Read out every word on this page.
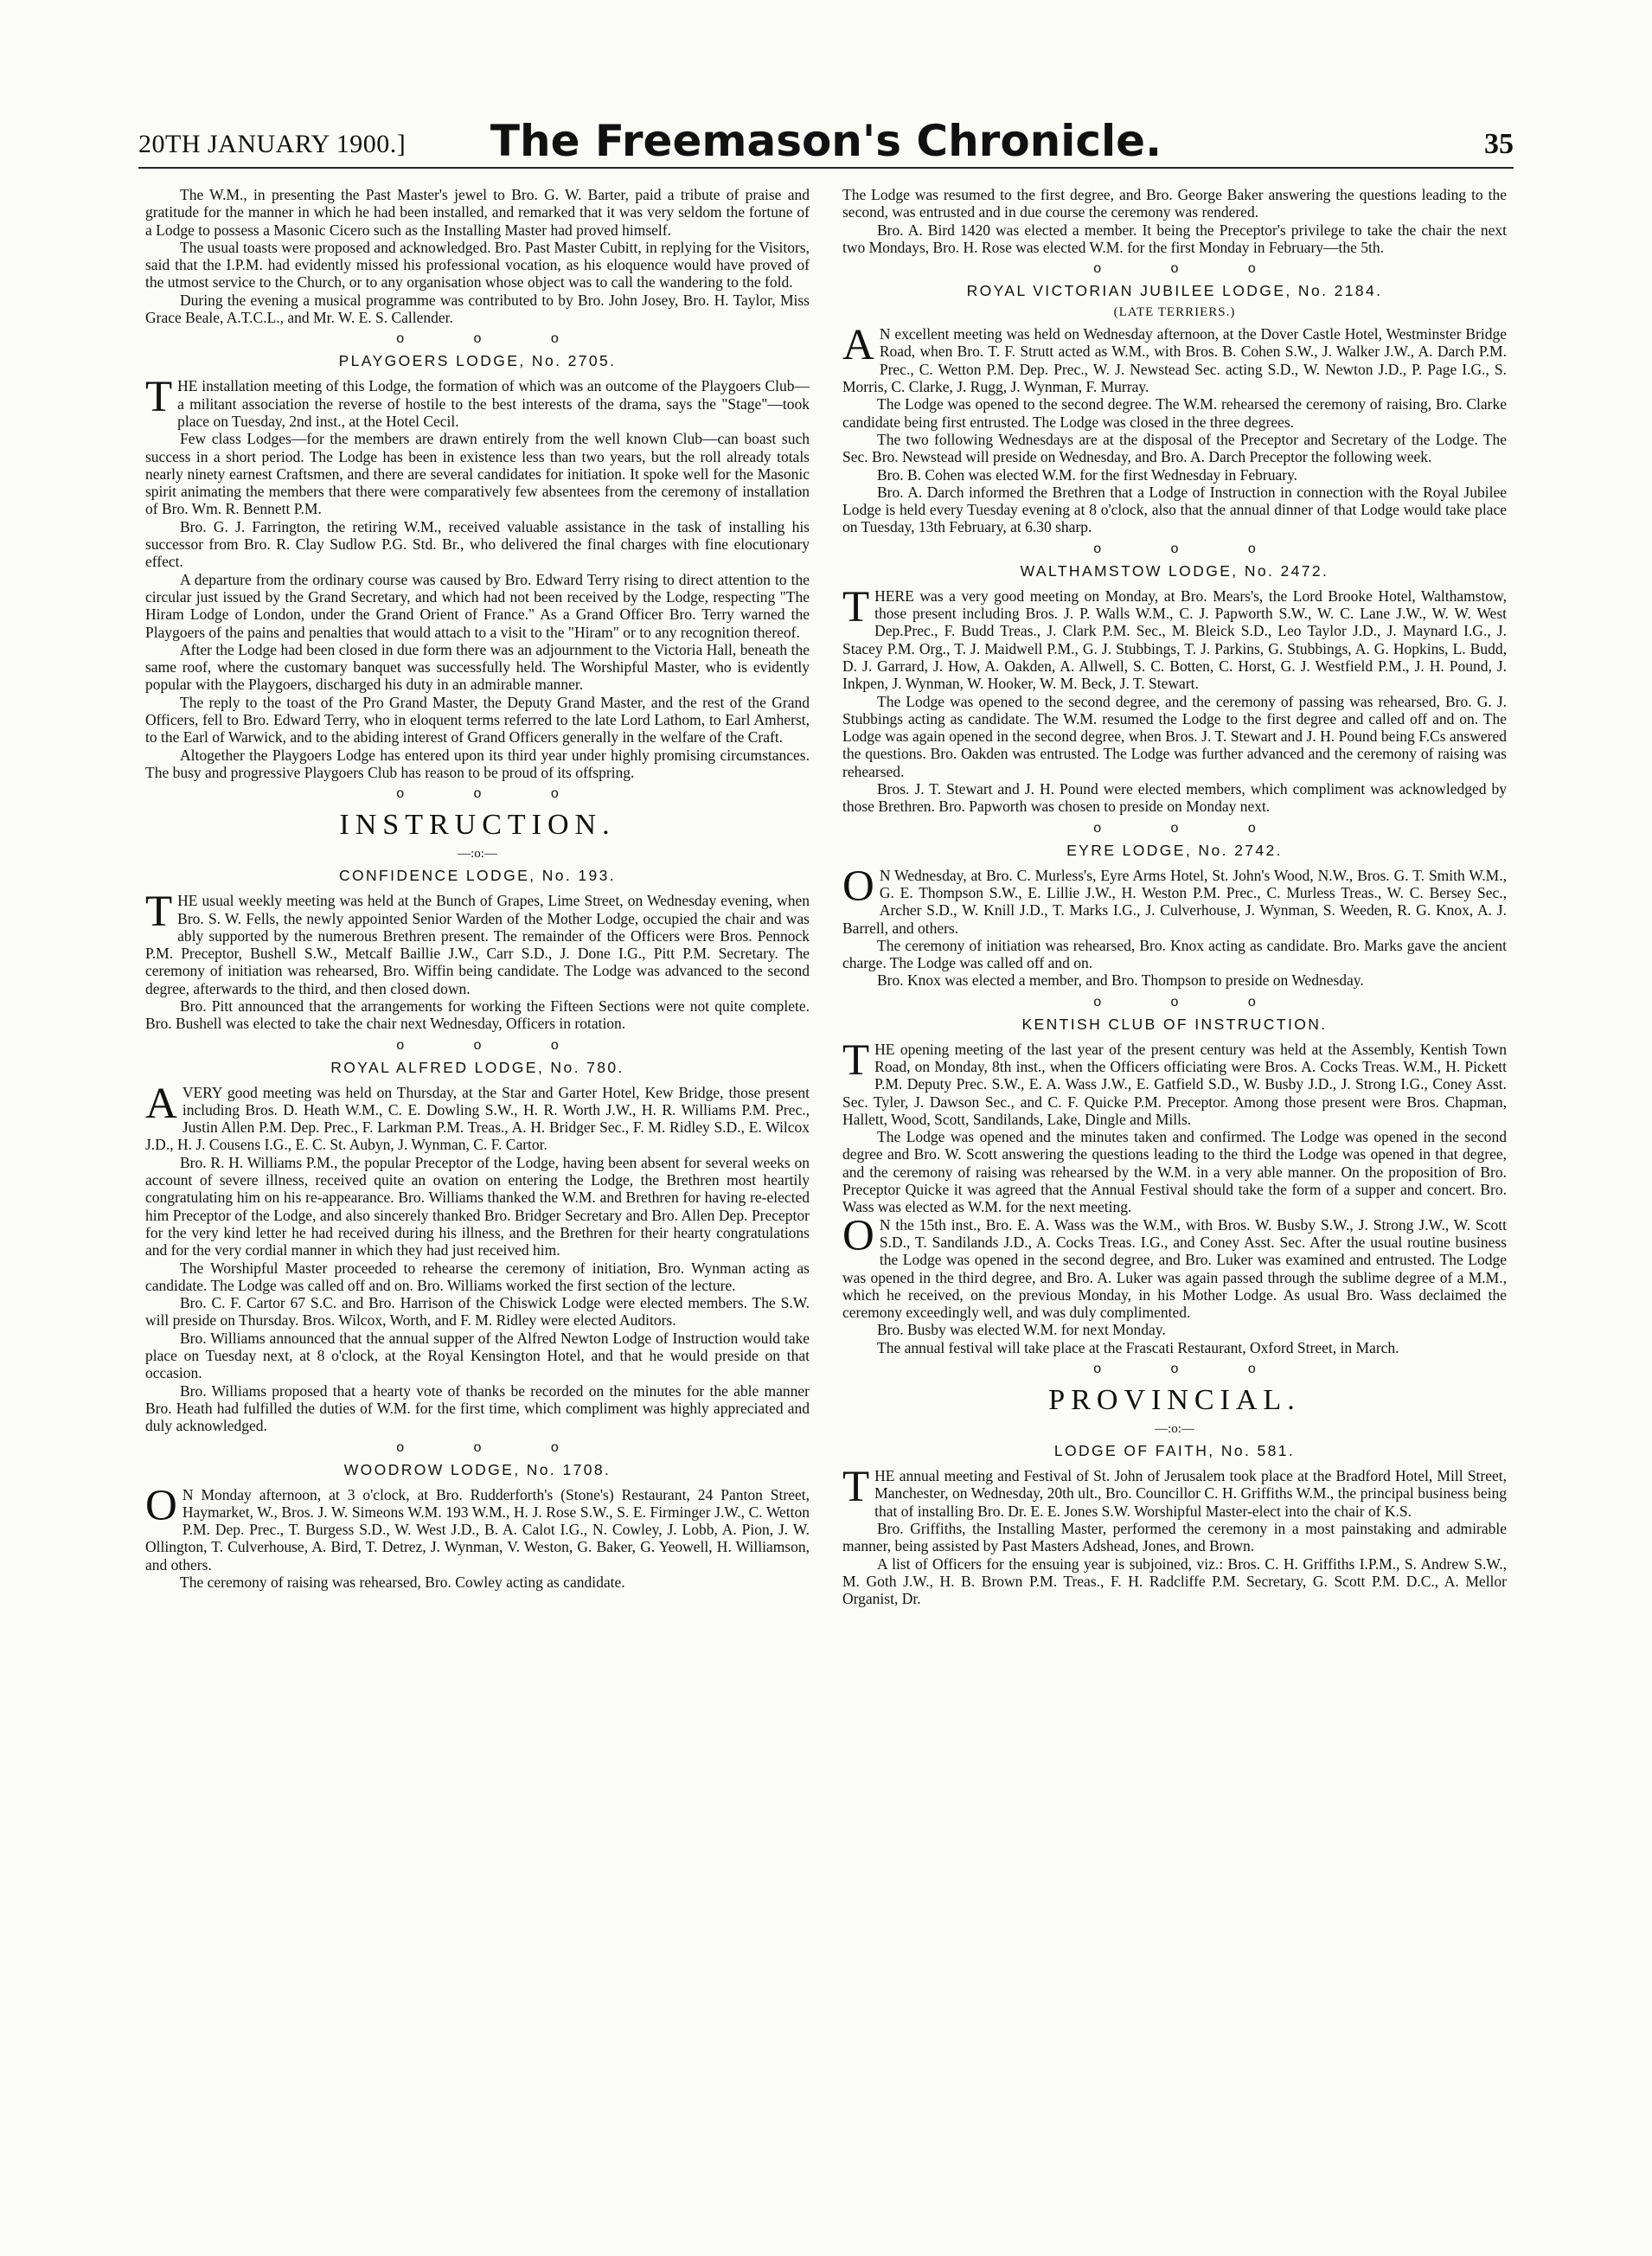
20TH JANUARY 1900.]	The Freemason's Chronicle.	35

The W.M., in presenting the Past Master's jewel to Bro. G. W. Barter, paid a tribute of praise and gratitude for the manner in which he had been installed, and remarked that it was very seldom the fortune of a Lodge to possess a Masonic Cicero such as the Installing Master had proved himself.

The usual toasts were proposed and acknowledged. Bro. Past Master Cubitt, in replying for the Visitors, said that the I.P.M. had evidently missed his professional vocation, as his eloquence would have proved of the utmost service to the Church, or to any organisation whose object was to call the wandering to the fold.

During the evening a musical programme was contributed to by Bro. John Josey, Bro. H. Taylor, Miss Grace Beale, A.T.C.L., and Mr. W. E. S. Callender.

o o o
PLAYGOERS LODGE, No. 2705.

THE installation meeting of this Lodge, the formation of which was an outcome of the Playgoers Club—a militant association the reverse of hostile to the best interests of the drama, says the "Stage"—took place on Tuesday, 2nd inst., at the Hotel Cecil.

Few class Lodges—for the members are drawn entirely from the well known Club—can boast such success in a short period. The Lodge has been in existence less than two years, but the roll already totals nearly ninety earnest Craftsmen, and there are several candidates for initiation. It spoke well for the Masonic spirit animating the members that there were comparatively few absentees from the ceremony of installation of Bro. Wm. R. Bennett P.M.

Bro. G. J. Farrington, the retiring W.M., received valuable assistance in the task of installing his successor from Bro. R. Clay Sudlow P.G. Std. Br., who delivered the final charges with fine elocutionary effect.

A departure from the ordinary course was caused by Bro. Edward Terry rising to direct attention to the circular just issued by the Grand Secretary, and which had not been received by the Lodge, respecting "The Hiram Lodge of London, under the Grand Orient of France." As a Grand Officer Bro. Terry warned the Playgoers of the pains and penalties that would attach to a visit to the "Hiram" or to any recognition thereof.

After the Lodge had been closed in due form there was an adjournment to the Victoria Hall, beneath the same roof, where the customary banquet was successfully held. The Worshipful Master, who is evidently popular with the Playgoers, discharged his duty in an admirable manner.

The reply to the toast of the Pro Grand Master, the Deputy Grand Master, and the rest of the Grand Officers, fell to Bro. Edward Terry, who in eloquent terms referred to the late Lord Lathom, to Earl Amherst, to the Earl of Warwick, and to the abiding interest of Grand Officers generally in the welfare of the Craft.

Altogether the Playgoers Lodge has entered upon its third year under highly promising circumstances. The busy and progressive Playgoers Club has reason to be proud of its offspring.

o o o
INSTRUCTION.
—:o:—
CONFIDENCE LODGE, No. 193.

THE usual weekly meeting was held at the Bunch of Grapes, Lime Street, on Wednesday evening, when Bro. S. W. Fells, the newly appointed Senior Warden of the Mother Lodge, occupied the chair and was ably supported by the numerous Brethren present. The remainder of the Officers were Bros. Pennock P.M. Preceptor, Bushell S.W., Metcalf Baillie J.W., Carr S.D., J. Done I.G., Pitt P.M. Secretary. The ceremony of initiation was rehearsed, Bro. Wiffin being candidate. The Lodge was advanced to the second degree, afterwards to the third, and then closed down.

Bro. Pitt announced that the arrangements for working the Fifteen Sections were not quite complete. Bro. Bushell was elected to take the chair next Wednesday, Officers in rotation.

o o o
ROYAL ALFRED LODGE, No. 780.

AVERY good meeting was held on Thursday, at the Star and Garter Hotel, Kew Bridge, those present including Bros. D. Heath W.M., C. E. Dowling S.W., H. R. Worth J.W., H. R. Williams P.M. Prec., Justin Allen P.M. Dep. Prec., F. Larkman P.M. Treas., A. H. Bridger Sec., F. M. Ridley S.D., E. Wilcox J.D., H. J. Cousens I.G., E. C. St. Aubyn, J. Wynman, C. F. Cartor.

Bro. R. H. Williams P.M., the popular Preceptor of the Lodge, having been absent for several weeks on account of severe illness, received quite an ovation on entering the Lodge, the Brethren most heartily congratulating him on his re-appearance. Bro. Williams thanked the W.M. and Brethren for having re-elected him Preceptor of the Lodge, and also sincerely thanked Bro. Bridger Secretary and Bro. Allen Dep. Preceptor for the very kind letter he had received during his illness, and the Brethren for their hearty congratulations and for the very cordial manner in which they had just received him.

The Worshipful Master proceeded to rehearse the ceremony of initiation, Bro. Wynman acting as candidate. The Lodge was called off and on. Bro. Williams worked the first section of the lecture.

Bro. C. F. Cartor 67 S.C. and Bro. Harrison of the Chiswick Lodge were elected members. The S.W. will preside on Thursday. Bros. Wilcox, Worth, and F. M. Ridley were elected Auditors.

Bro. Williams announced that the annual supper of the Alfred Newton Lodge of Instruction would take place on Tuesday next, at 8 o'clock, at the Royal Kensington Hotel, and that he would preside on that occasion.

Bro. Williams proposed that a hearty vote of thanks be recorded on the minutes for the able manner Bro. Heath had fulfilled the duties of W.M. for the first time, which compliment was highly appreciated and duly acknowledged.

o o o
WOODROW LODGE, No. 1708.

ON Monday afternoon, at 3 o'clock, at Bro. Rudderforth's (Stone's) Restaurant, 24 Panton Street, Haymarket, W., Bros. J. W. Simeons W.M. 193 W.M., H. J. Rose S.W., S. E. Firminger J.W., C. Wetton P.M. Dep. Prec., T. Burgess S.D., W. West J.D., B. A. Calot I.G., N. Cowley, J. Lobb, A. Pion, J. W. Ollington, T. Culverhouse, A. Bird, T. Detrez, J. Wynman, V. Weston, G. Baker, G. Yeowell, H. Williamson, and others.

The ceremony of raising was rehearsed, Bro. Cowley acting as candidate.

The Lodge was resumed to the first degree, and Bro. George Baker answering the questions leading to the second, was entrusted and in due course the ceremony was rendered.

Bro. A. Bird 1420 was elected a member. It being the Preceptor's privilege to take the chair the next two Mondays, Bro. H. Rose was elected W.M. for the first Monday in February—the 5th.

o o o
ROYAL VICTORIAN JUBILEE LODGE, No. 2184.
(LATE TERRIERS.)

AN excellent meeting was held on Wednesday afternoon, at the Dover Castle Hotel, Westminster Bridge Road, when Bro. T. F. Strutt acted as W.M., with Bros. B. Cohen S.W., J. Walker J.W., A. Darch P.M. Prec., C. Wetton P.M. Dep. Prec., W. J. Newstead Sec. acting S.D., W. Newton J.D., P. Page I.G., S. Morris, C. Clarke, J. Rugg, J. Wynman, F. Murray.

The Lodge was opened to the second degree. The W.M. rehearsed the ceremony of raising, Bro. Clarke candidate being first entrusted. The Lodge was closed in the three degrees.

The two following Wednesdays are at the disposal of the Preceptor and Secretary of the Lodge. The Sec. Bro. Newstead will preside on Wednesday, and Bro. A. Darch Preceptor the following week.

Bro. B. Cohen was elected W.M. for the first Wednesday in February.

Bro. A. Darch informed the Brethren that a Lodge of Instruction in connection with the Royal Jubilee Lodge is held every Tuesday evening at 8 o'clock, also that the annual dinner of that Lodge would take place on Tuesday, 13th February, at 6.30 sharp.

o o o
WALTHAMSTOW LODGE, No. 2472.

THERE was a very good meeting on Monday, at Bro. Mears's, the Lord Brooke Hotel, Walthamstow, those present including Bros. J. P. Walls W.M., C. J. Papworth S.W., W. C. Lane J.W., W. W. West Dep.Prec., F. Budd Treas., J. Clark P.M. Sec., M. Bleick S.D., Leo Taylor J.D., J. Maynard I.G., J. Stacey P.M. Org., T. J. Maidwell P.M., G. J. Stubbings, T. J. Parkins, G. Stubbings, A. G. Hopkins, L. Budd, D. J. Garrard, J. How, A. Oakden, A. Allwell, S. C. Botten, C. Horst, G. J. Westfield P.M., J. H. Pound, J. Inkpen, J. Wynman, W. Hooker, W. M. Beck, J. T. Stewart.

The Lodge was opened to the second degree, and the ceremony of passing was rehearsed, Bro. G. J. Stubbings acting as candidate. The W.M. resumed the Lodge to the first degree and called off and on. The Lodge was again opened in the second degree, when Bros. J. T. Stewart and J. H. Pound being F.Cs answered the questions. Bro. Oakden was entrusted. The Lodge was further advanced and the ceremony of raising was rehearsed.

Bros. J. T. Stewart and J. H. Pound were elected members, which compliment was acknowledged by those Brethren. Bro. Papworth was chosen to preside on Monday next.

o o o
EYRE LODGE, No. 2742.

ON Wednesday, at Bro. C. Murless's, Eyre Arms Hotel, St. John's Wood, N.W., Bros. G. T. Smith W.M., G. E. Thompson S.W., E. Lillie J.W., H. Weston P.M. Prec., C. Murless Treas., W. C. Bersey Sec., Archer S.D., W. Knill J.D., T. Marks I.G., J. Culverhouse, J. Wynman, S. Weeden, R. G. Knox, A. J. Barrell, and others.

The ceremony of initiation was rehearsed, Bro. Knox acting as candidate. Bro. Marks gave the ancient charge. The Lodge was called off and on.

Bro. Knox was elected a member, and Bro. Thompson to preside on Wednesday.

o o o
KENTISH CLUB OF INSTRUCTION.

THE opening meeting of the last year of the present century was held at the Assembly, Kentish Town Road, on Monday, 8th inst., when the Officers officiating were Bros. A. Cocks Treas. W.M., H. Pickett P.M. Deputy Prec. S.W., E. A. Wass J.W., E. Gatfield S.D., W. Busby J.D., J. Strong I.G., Coney Asst. Sec. Tyler, J. Dawson Sec., and C. F. Quicke P.M. Preceptor. Among those present were Bros. Chapman, Hallett, Wood, Scott, Sandilands, Lake, Dingle and Mills.

The Lodge was opened and the minutes taken and confirmed. The Lodge was opened in the second degree and Bro. W. Scott answering the questions leading to the third the Lodge was opened in that degree, and the ceremony of raising was rehearsed by the W.M. in a very able manner. On the proposition of Bro. Preceptor Quicke it was agreed that the Annual Festival should take the form of a supper and concert. Bro. Wass was elected as W.M. for the next meeting.

ON the 15th inst., Bro. E. A. Wass was the W.M., with Bros. W. Busby S.W., J. Strong J.W., W. Scott S.D., T. Sandilands J.D., A. Cocks Treas. I.G., and Coney Asst. Sec. After the usual routine business the Lodge was opened in the second degree, and Bro. Luker was examined and entrusted. The Lodge was opened in the third degree, and Bro. A. Luker was again passed through the sublime degree of a M.M., which he received, on the previous Monday, in his Mother Lodge. As usual Bro. Wass declaimed the ceremony exceedingly well, and was duly complimented.

Bro. Busby was elected W.M. for next Monday.

The annual festival will take place at the Frascati Restaurant, Oxford Street, in March.

o o o
PROVINCIAL.
—:o:—
LODGE OF FAITH, No. 581.

THE annual meeting and Festival of St. John of Jerusalem took place at the Bradford Hotel, Mill Street, Manchester, on Wednesday, 20th ult., Bro. Councillor C. H. Griffiths W.M., the principal business being that of installing Bro. Dr. E. E. Jones S.W. Worshipful Master-elect into the chair of K.S.

Bro. Griffiths, the Installing Master, performed the ceremony in a most painstaking and admirable manner, being assisted by Past Masters Adshead, Jones, and Brown.

A list of Officers for the ensuing year is subjoined, viz.: Bros. C. H. Griffiths I.P.M., S. Andrew S.W., M. Goth J.W., H. B. Brown P.M. Treas., F. H. Radcliffe P.M. Secretary, G. Scott P.M. D.C., A. Mellor Organist, Dr.
